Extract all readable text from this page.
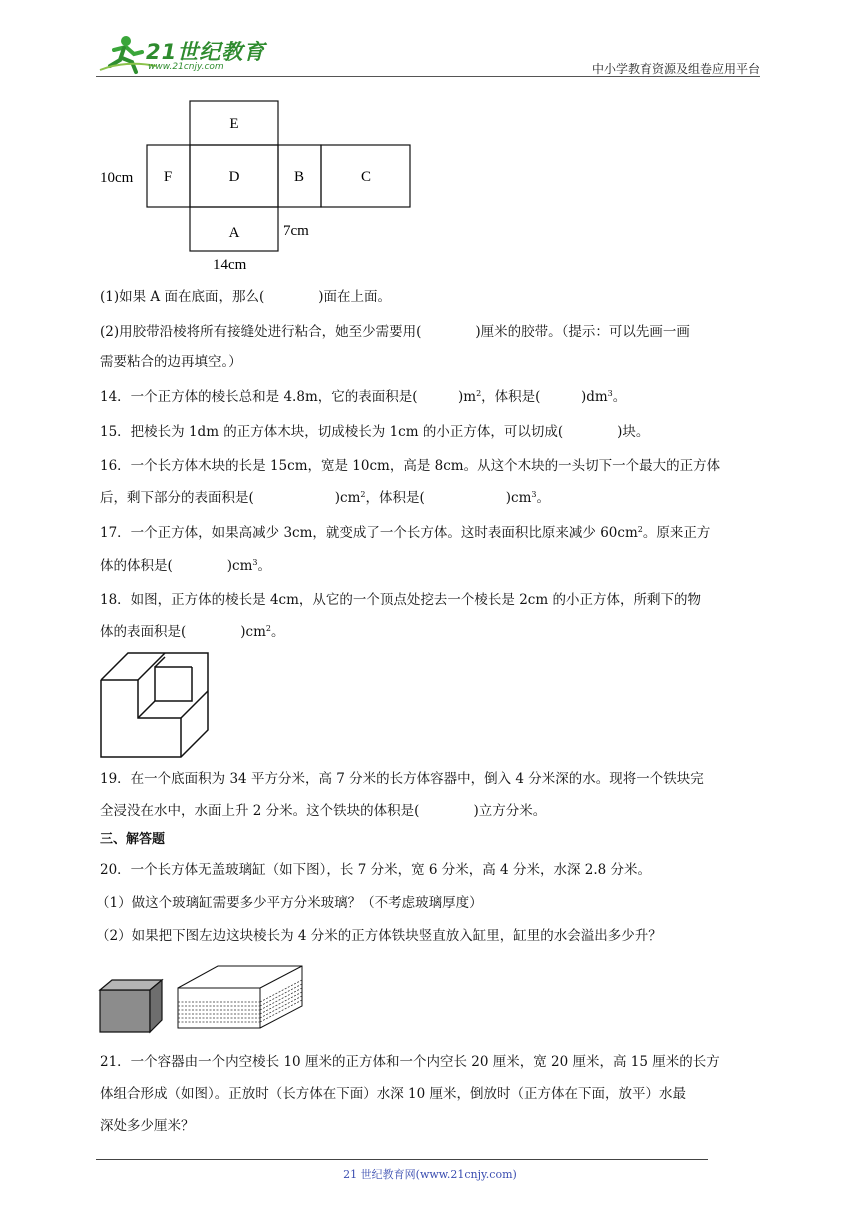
21世纪教育
www.21cnjy.com	中小学教育资源及组卷应用平台
E
F	D	B	C
A
10cm
7cm
14cm
(1)如果 A 面在底面，那么(　　　　)面在上面。
(2)用胶带沿棱将所有接缝处进行粘合，她至少需要用(　　　　)厘米的胶带。（提示：可以先画一画
需要粘合的边再填空。）
14．一个正方体的棱长总和是 4.8m，它的表面积是(　　　)$m^2$，体积是(　　　)$dm^3$。
15．把棱长为 1dm 的正方体木块，切成棱长为 1cm 的小正方体，可以切成(　　　　)块。
16．一个长方体木块的长是 15cm，宽是 10cm，高是 8cm。从这个木块的一头切下一个最大的正方体
后，剩下部分的表面积是(　　　　　　)$cm^2$，体积是(　　　　　　)$cm^3$。
17．一个正方体，如果高减少 3cm，就变成了一个长方体。这时表面积比原来减少 $60cm^2$。原来正方
体的体积是(　　　　)$cm^3$。
18．如图，正方体的棱长是 4cm，从它的一个顶点处挖去一个棱长是 2cm 的小正方体，所剩下的物
体的表面积是(　　　　)$cm^2$。
19．在一个底面积为 34 平方分米，高 7 分米的长方体容器中，倒入 4 分米深的水。现将一个铁块完
全浸没在水中，水面上升 2 分米。这个铁块的体积是(　　　　)立方分米。
三、解答题
20．一个长方体无盖玻璃缸（如下图），长 7 分米，宽 6 分米，高 4 分米，水深 2.8 分米。
（1）做这个玻璃缸需要多少平方分米玻璃？（不考虑玻璃厚度）
（2）如果把下图左边这块棱长为 4 分米的正方体铁块竖直放入缸里，缸里的水会溢出多少升？
21．一个容器由一个内空棱长 10 厘米的正方体和一个内空长 20 厘米，宽 20 厘米，高 15 厘米的长方
体组合形成（如图）。正放时（长方体在下面）水深 10 厘米，倒放时（正方体在下面，放平）水最
深处多少厘米？
21 世纪教育网(www.21cnjy.com)
